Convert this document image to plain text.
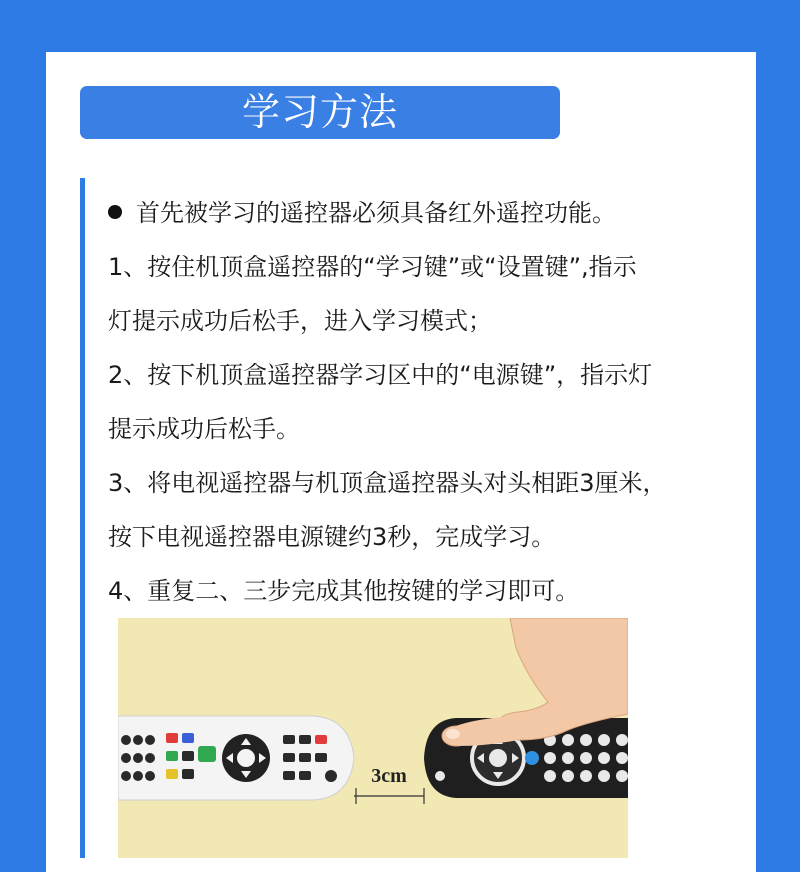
学习方法
首先被学习的遥控器必须具备红外遥控功能。
1、按住机顶盒遥控器的“学习键”或“设置键”,指示
灯提示成功后松手，进入学习模式；
2、按下机顶盒遥控器学习区中的“电源键”，指示灯
提示成功后松手。
3、将电视遥控器与机顶盒遥控器头对头相距3厘米，
按下电视遥控器电源键约3秒，完成学习。
4、重复二、三步完成其他按键的学习即可。
3cm
